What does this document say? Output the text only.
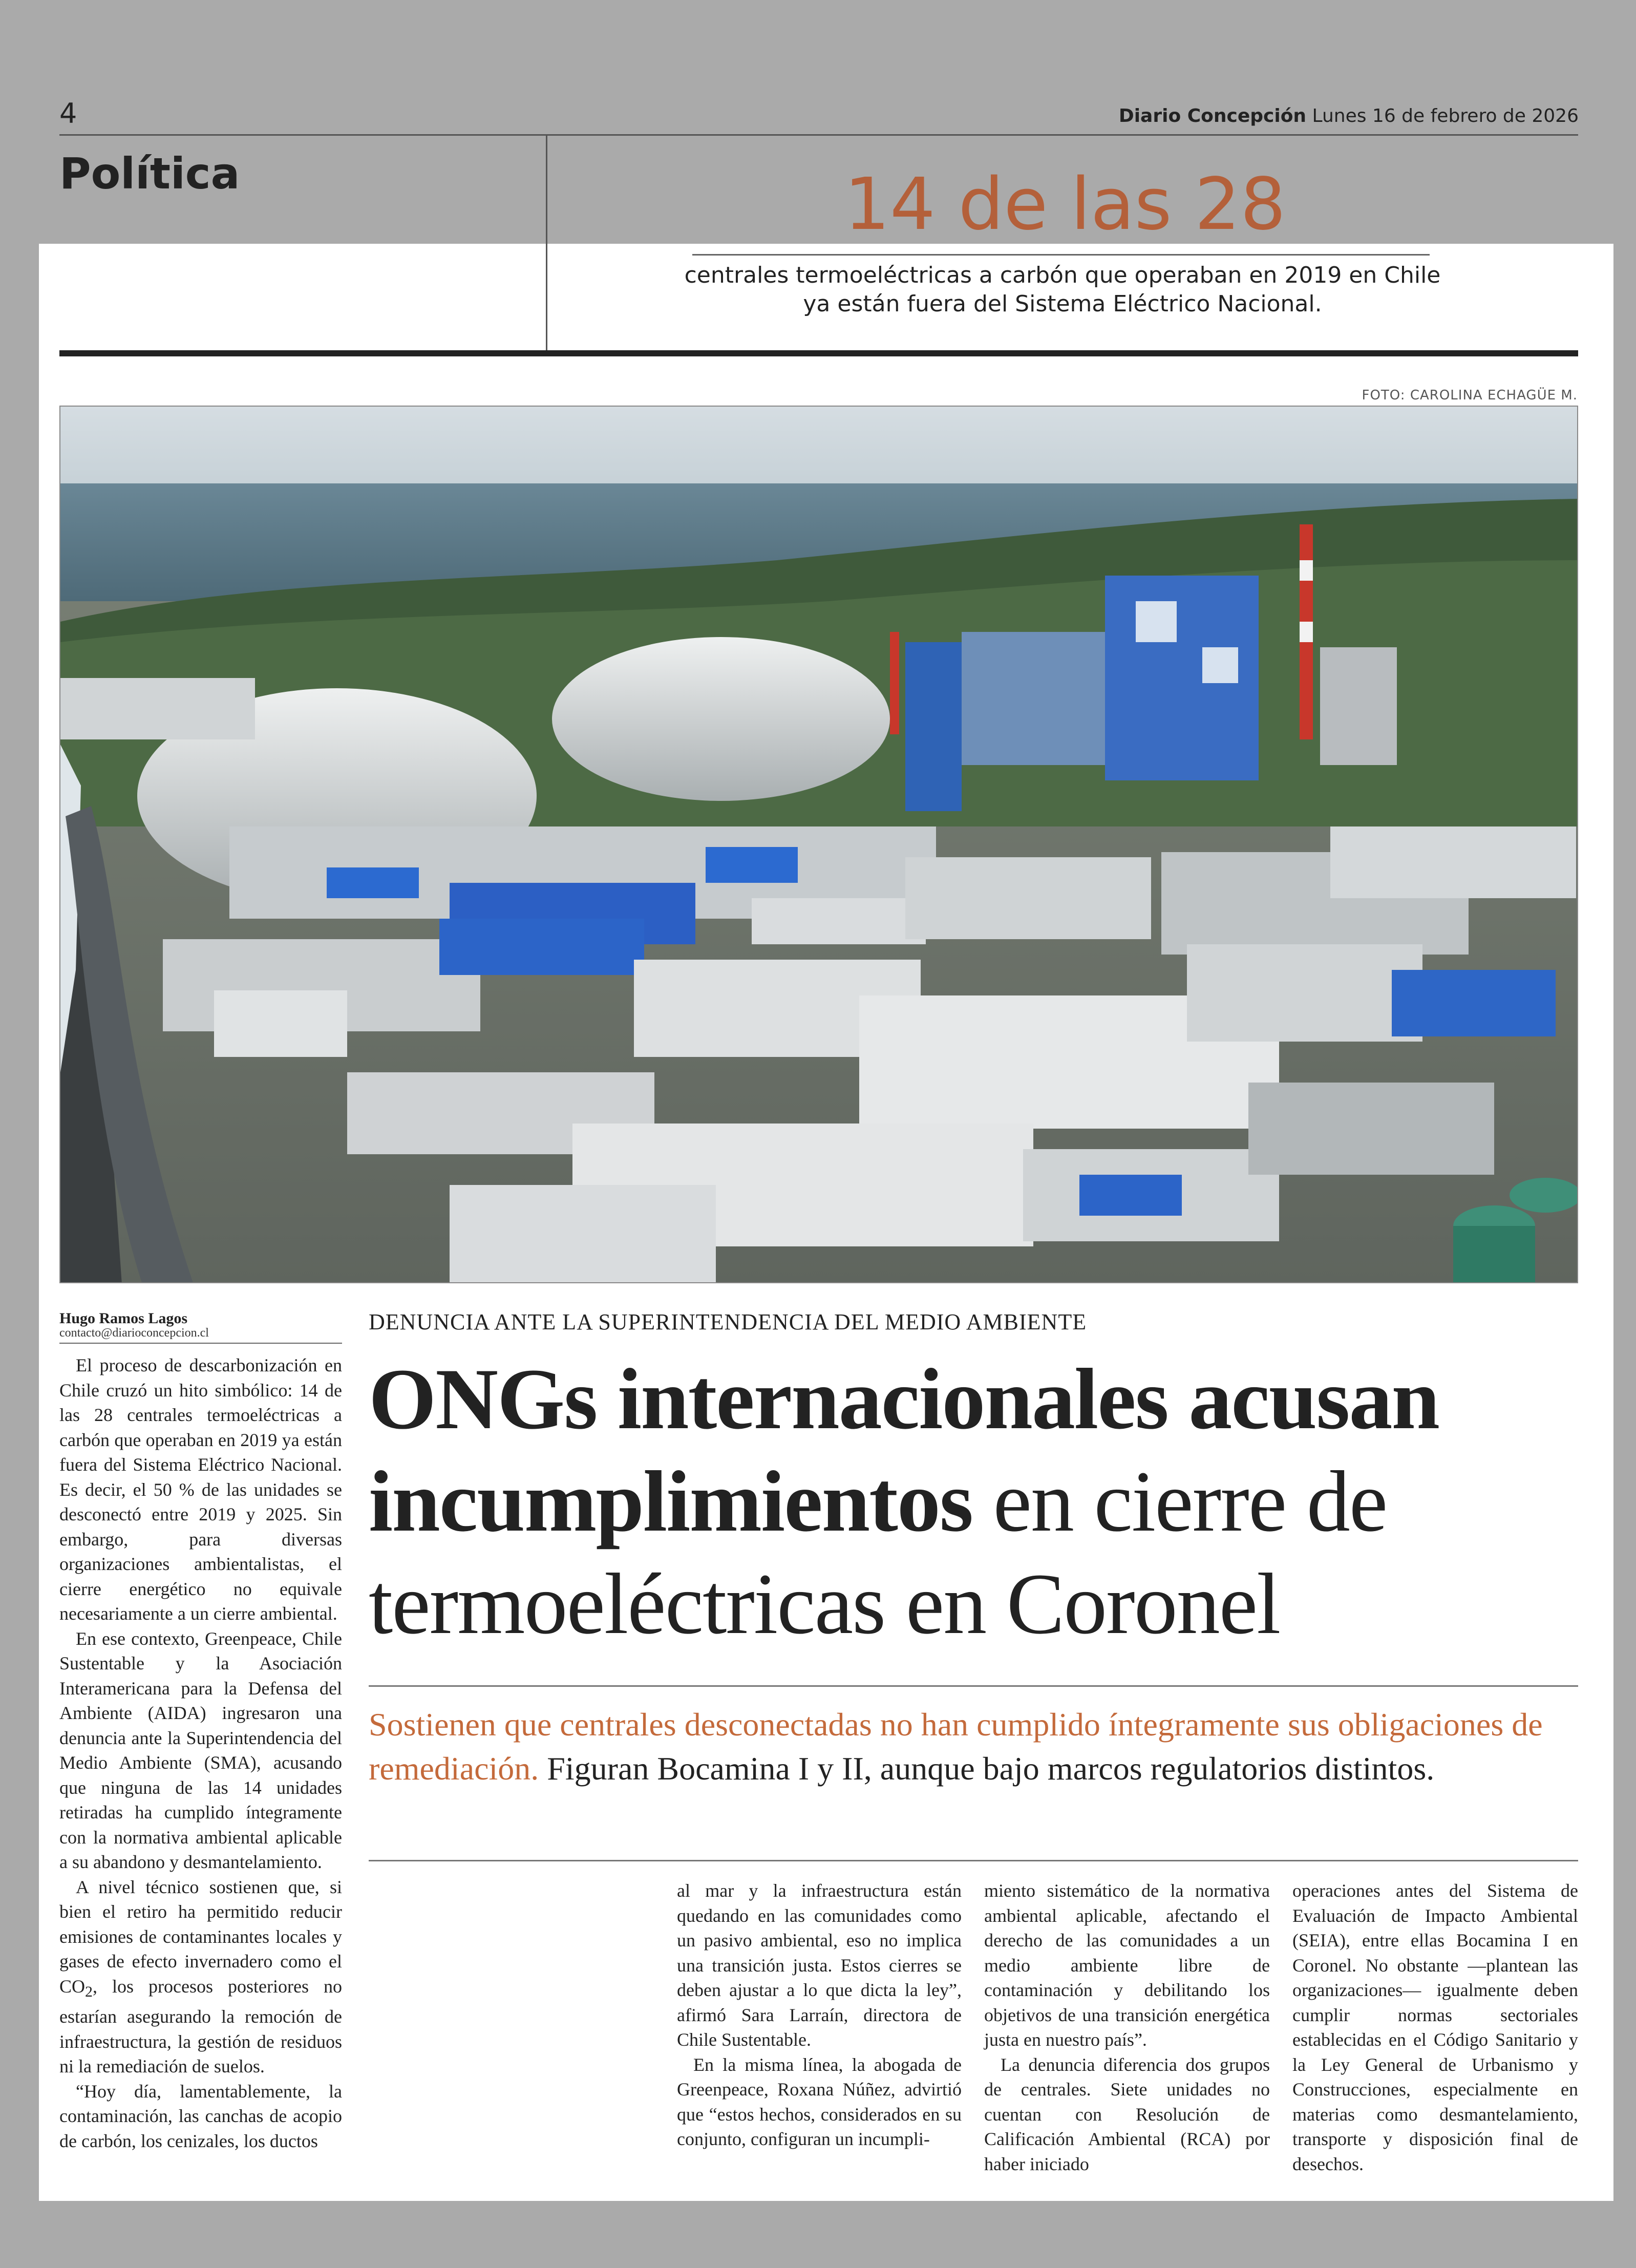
4	Diario Concepción Lunes 16 de febrero de 2026
Política	14 de las 28
centrales termoeléctricas a carbón que operaban en 2019 en Chile
ya están fuera del Sistema Eléctrico Nacional.
FOTO: CAROLINA ECHAGÜE M.
Hugo Ramos Lagos
contacto@diarioconcepcion.cl	DENUNCIA ANTE LA SUPERINTENDENCIA DEL MEDIO AMBIENTE
ONGs internacionales acusan
incumplimientos en cierre de
termoeléctricas en Coronel
Sostienen que centrales desconectadas no han cumplido íntegramente sus obligaciones de remediación. Figuran Bocamina I y II, aunque bajo marcos regulatorios distintos.

El proceso de descarbonización en Chile cruzó un hito simbólico: 14 de las 28 centrales termoeléctricas a carbón que operaban en 2019 ya están fuera del Sistema Eléctrico Nacional. Es decir, el 50 % de las unidades se desconectó entre 2019 y 2025. Sin embargo, para diversas organizaciones ambientalistas, el cierre energético no equivale necesariamente a un cierre ambiental.

En ese contexto, Greenpeace, Chile Sustentable y la Asociación Interamericana para la Defensa del Ambiente (AIDA) ingresaron una denuncia ante la Superintendencia del Medio Ambiente (SMA), acusando que ninguna de las 14 unidades retiradas ha cumplido íntegramente con la normativa ambiental aplicable a su abandono y desmantelamiento.

A nivel técnico sostienen que, si bien el retiro ha permitido reducir emisiones de contaminantes locales y gases de efecto invernadero como el $CO_2$, los procesos posteriores no estarían asegurando la remoción de infraestructura, la gestión de residuos ni la remediación de suelos.

“Hoy día, lamentablemente, la contaminación, las canchas de acopio de carbón, los cenizales, los ductos

al mar y la infraestructura están quedando en las comunidades como un pasivo ambiental, eso no implica una transición justa. Estos cierres se deben ajustar a lo que dicta la ley”, afirmó Sara Larraín, directora de Chile Sustentable.

En la misma línea, la abogada de Greenpeace, Roxana Núñez, advirtió que “estos hechos, considerados en su conjunto, configuran un incumpli-

miento sistemático de la normativa ambiental aplicable, afectando el derecho de las comunidades a un medio ambiente libre de contaminación y debilitando los objetivos de una transición energética justa en nuestro país”.

La denuncia diferencia dos grupos de centrales. Siete unidades no cuentan con Resolución de Calificación Ambiental (RCA) por haber iniciado

operaciones antes del Sistema de Evaluación de Impacto Ambiental (SEIA), entre ellas Bocamina I en Coronel. No obstante —plantean las organizaciones— igualmente deben cumplir normas sectoriales establecidas en el Código Sanitario y la Ley General de Urbanismo y Construcciones, especialmente en materias como desmantelamiento, transporte y disposición final de desechos.
